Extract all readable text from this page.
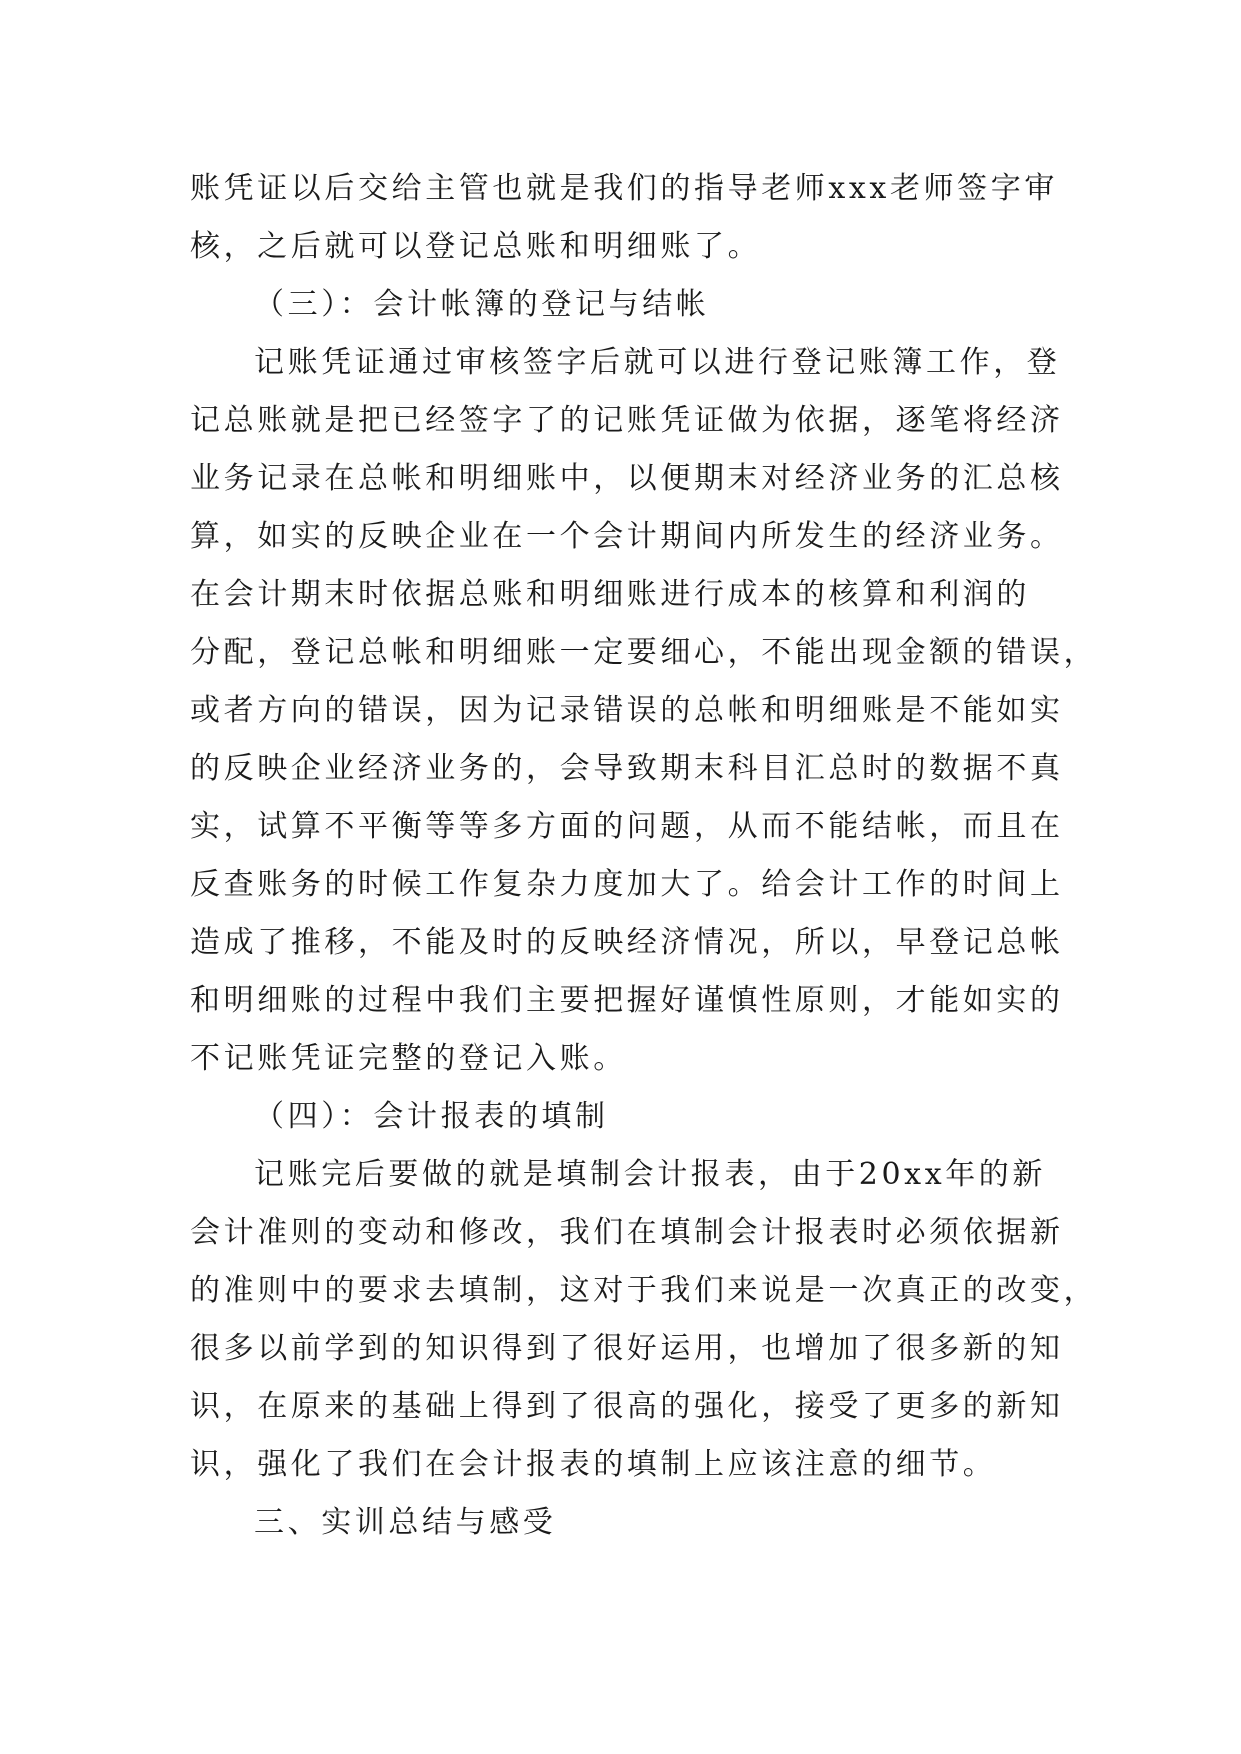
账凭证以后交给主管也就是我们的指导老师xxx老师签字审
核，之后就可以登记总账和明细账了。
（三）：会计帐簿的登记与结帐
记账凭证通过审核签字后就可以进行登记账簿工作，登
记总账就是把已经签字了的记账凭证做为依据，逐笔将经济
业务记录在总帐和明细账中，以便期末对经济业务的汇总核
算，如实的反映企业在一个会计期间内所发生的经济业务。
在会计期末时依据总账和明细账进行成本的核算和利润的
分配，登记总帐和明细账一定要细心，不能出现金额的错误，
或者方向的错误，因为记录错误的总帐和明细账是不能如实
的反映企业经济业务的，会导致期末科目汇总时的数据不真
实，试算不平衡等等多方面的问题，从而不能结帐，而且在
反查账务的时候工作复杂力度加大了。给会计工作的时间上
造成了推移，不能及时的反映经济情况，所以，早登记总帐
和明细账的过程中我们主要把握好谨慎性原则，才能如实的
不记账凭证完整的登记入账。
（四）：会计报表的填制
记账完后要做的就是填制会计报表，由于20xx年的新
会计准则的变动和修改，我们在填制会计报表时必须依据新
的准则中的要求去填制，这对于我们来说是一次真正的改变，
很多以前学到的知识得到了很好运用，也增加了很多新的知
识，在原来的基础上得到了很高的强化，接受了更多的新知
识，强化了我们在会计报表的填制上应该注意的细节。
三、实训总结与感受
